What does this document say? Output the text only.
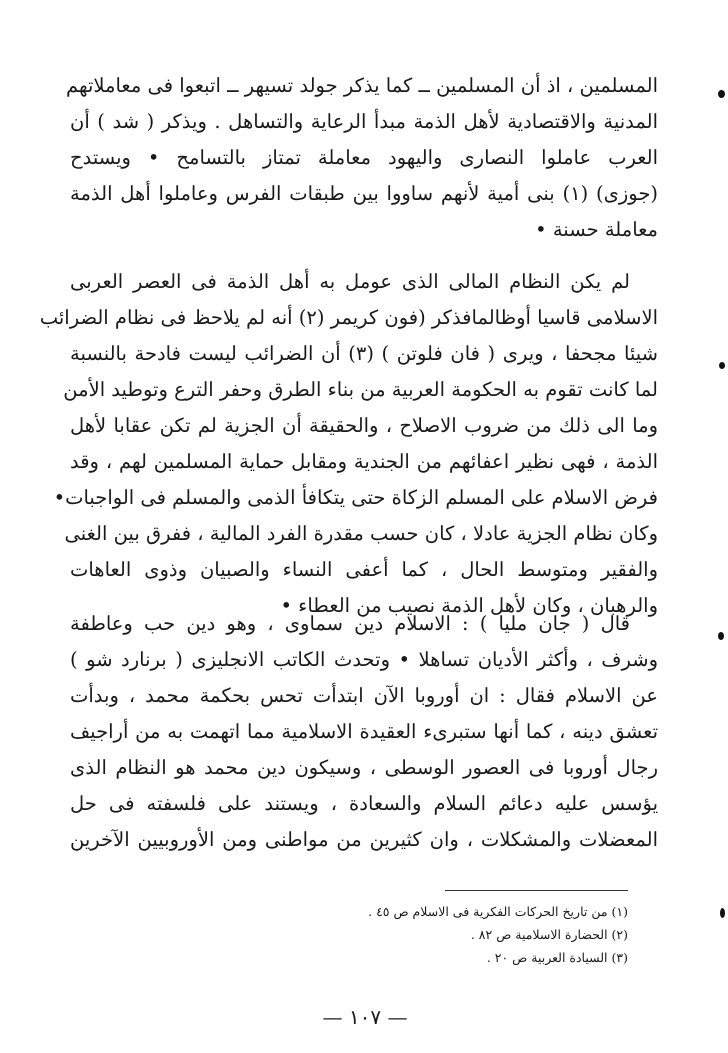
المسلمين ، اذ أن المسلمين ــ كما يذكر جولد تسيهر ــ اتبعوا فى معاملاتهم
المدنية والاقتصادية لأهل الذمة مبدأ الرعاية والتساهل . ويذكر ( شد ) أن
العرب عاملوا النصارى واليهود معاملة تمتاز بالتسامح • ويستدح
(جوزى) (١) بنى أمية لأنهم ساووا بين طبقات الفرس وعاملوا أهل الذمة
معاملة حسنة •
لم يكن النظام المالى الذى عومل به أهل الذمة فى العصر العربى
الاسلامى قاسيا أوظالمافذكر (فون كريمر (٢) أنه لم يلاحظ فى نظام الضرائب
شيئا مجحفا ، ويرى ( فان فلوتن ) (٣) أن الضرائب ليست فادحة بالنسبة
لما كانت تقوم به الحكومة العربية من بناء الطرق وحفر الترع وتوطيد الأمن
وما الى ذلك من ضروب الاصلاح ، والحقيقة أن الجزية لم تكن عقابا لأهل
الذمة ، فهى نظير اعفائهم من الجندية ومقابل حماية المسلمين لهم ، وقد
فرض الاسلام على المسلم الزكاة حتى يتكافأ الذمى والمسلم فى الواجبات•
وكان نظام الجزية عادلا ، كان حسب مقدرة الفرد المالية ، ففرق بين الغنى
والفقير ومتوسط الحال ، كما أعفى النساء والصبيان وذوى العاهات
والرهبان ، وكان لأهل الذمة نصيب من العطاء •
قال ( جان مليا ) : الاسلام دين سماوى ، وهو دين حب وعاطفة
وشرف ، وأكثر الأديان تساهلا • وتحدث الكاتب الانجليزى ( برنارد شو )
عن الاسلام فقال : ان أوروبا الآن ابتدأت تحس بحكمة محمد ، وبدأت
تعشق دينه ، كما أنها ستبرىء العقيدة الاسلامية مما اتهمت به من أراجيف
رجال أوروبا فى العصور الوسطى ، وسيكون دين محمد هو النظام الذى
يؤسس عليه دعائم السلام والسعادة ، ويستند على فلسفته فى حل
المعضلات والمشكلات ، وان كثيرين من مواطنى ومن الأوروبيين الآخرين
(١) من تاريخ الحركات الفكرية فى الاسلام ص ٤٥ .
(٢) الحضارة الاسلامية ص ٨٢ .
(٣) السيادة العربية ص ٢٠ .
— ١٠٧ —
